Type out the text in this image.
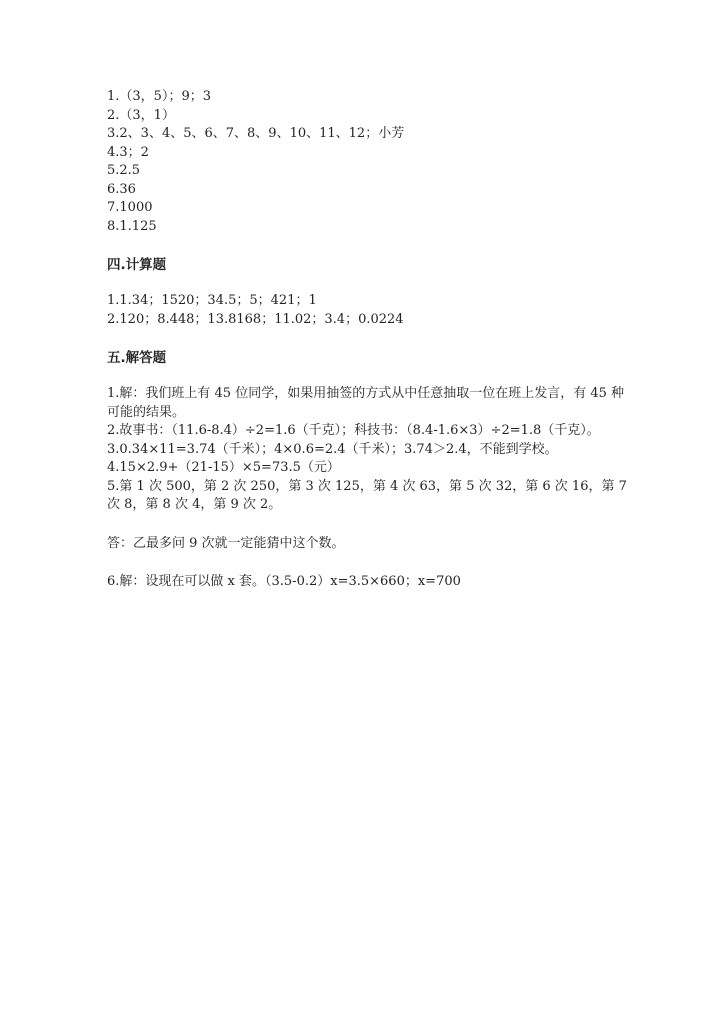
1.（3，5）；9；3
2.（3，1）
3.2、3、4、5、6、7、8、9、10、11、12；小芳
4.3；2
5.2.5
6.36
7.1000
8.1.125
四.计算题
1.1.34；1520；34.5；5；421；1
2.120；8.448；13.8168；11.02；3.4；0.0224
五.解答题
1.解：我们班上有 45 位同学，如果用抽签的方式从中任意抽取一位在班上发言，有 45 种可能的结果。
2.故事书：（11.6-8.4）÷2=1.6（千克）；科技书：（8.4-1.6×3）÷2=1.8（千克）。
3.0.34×11=3.74（千米）；4×0.6=2.4（千米）；3.74＞2.4，不能到学校。
4.15×2.9+（21-15）×5=73.5（元）
5.第 1 次 500，第 2 次 250，第 3 次 125，第 4 次 63，第 5 次 32，第 6 次 16，第 7 次 8，第 8 次 4，第 9 次 2。
答：乙最多问 9 次就一定能猜中这个数。
6.解：设现在可以做 x 套。（3.5-0.2）x=3.5×660；x=700
